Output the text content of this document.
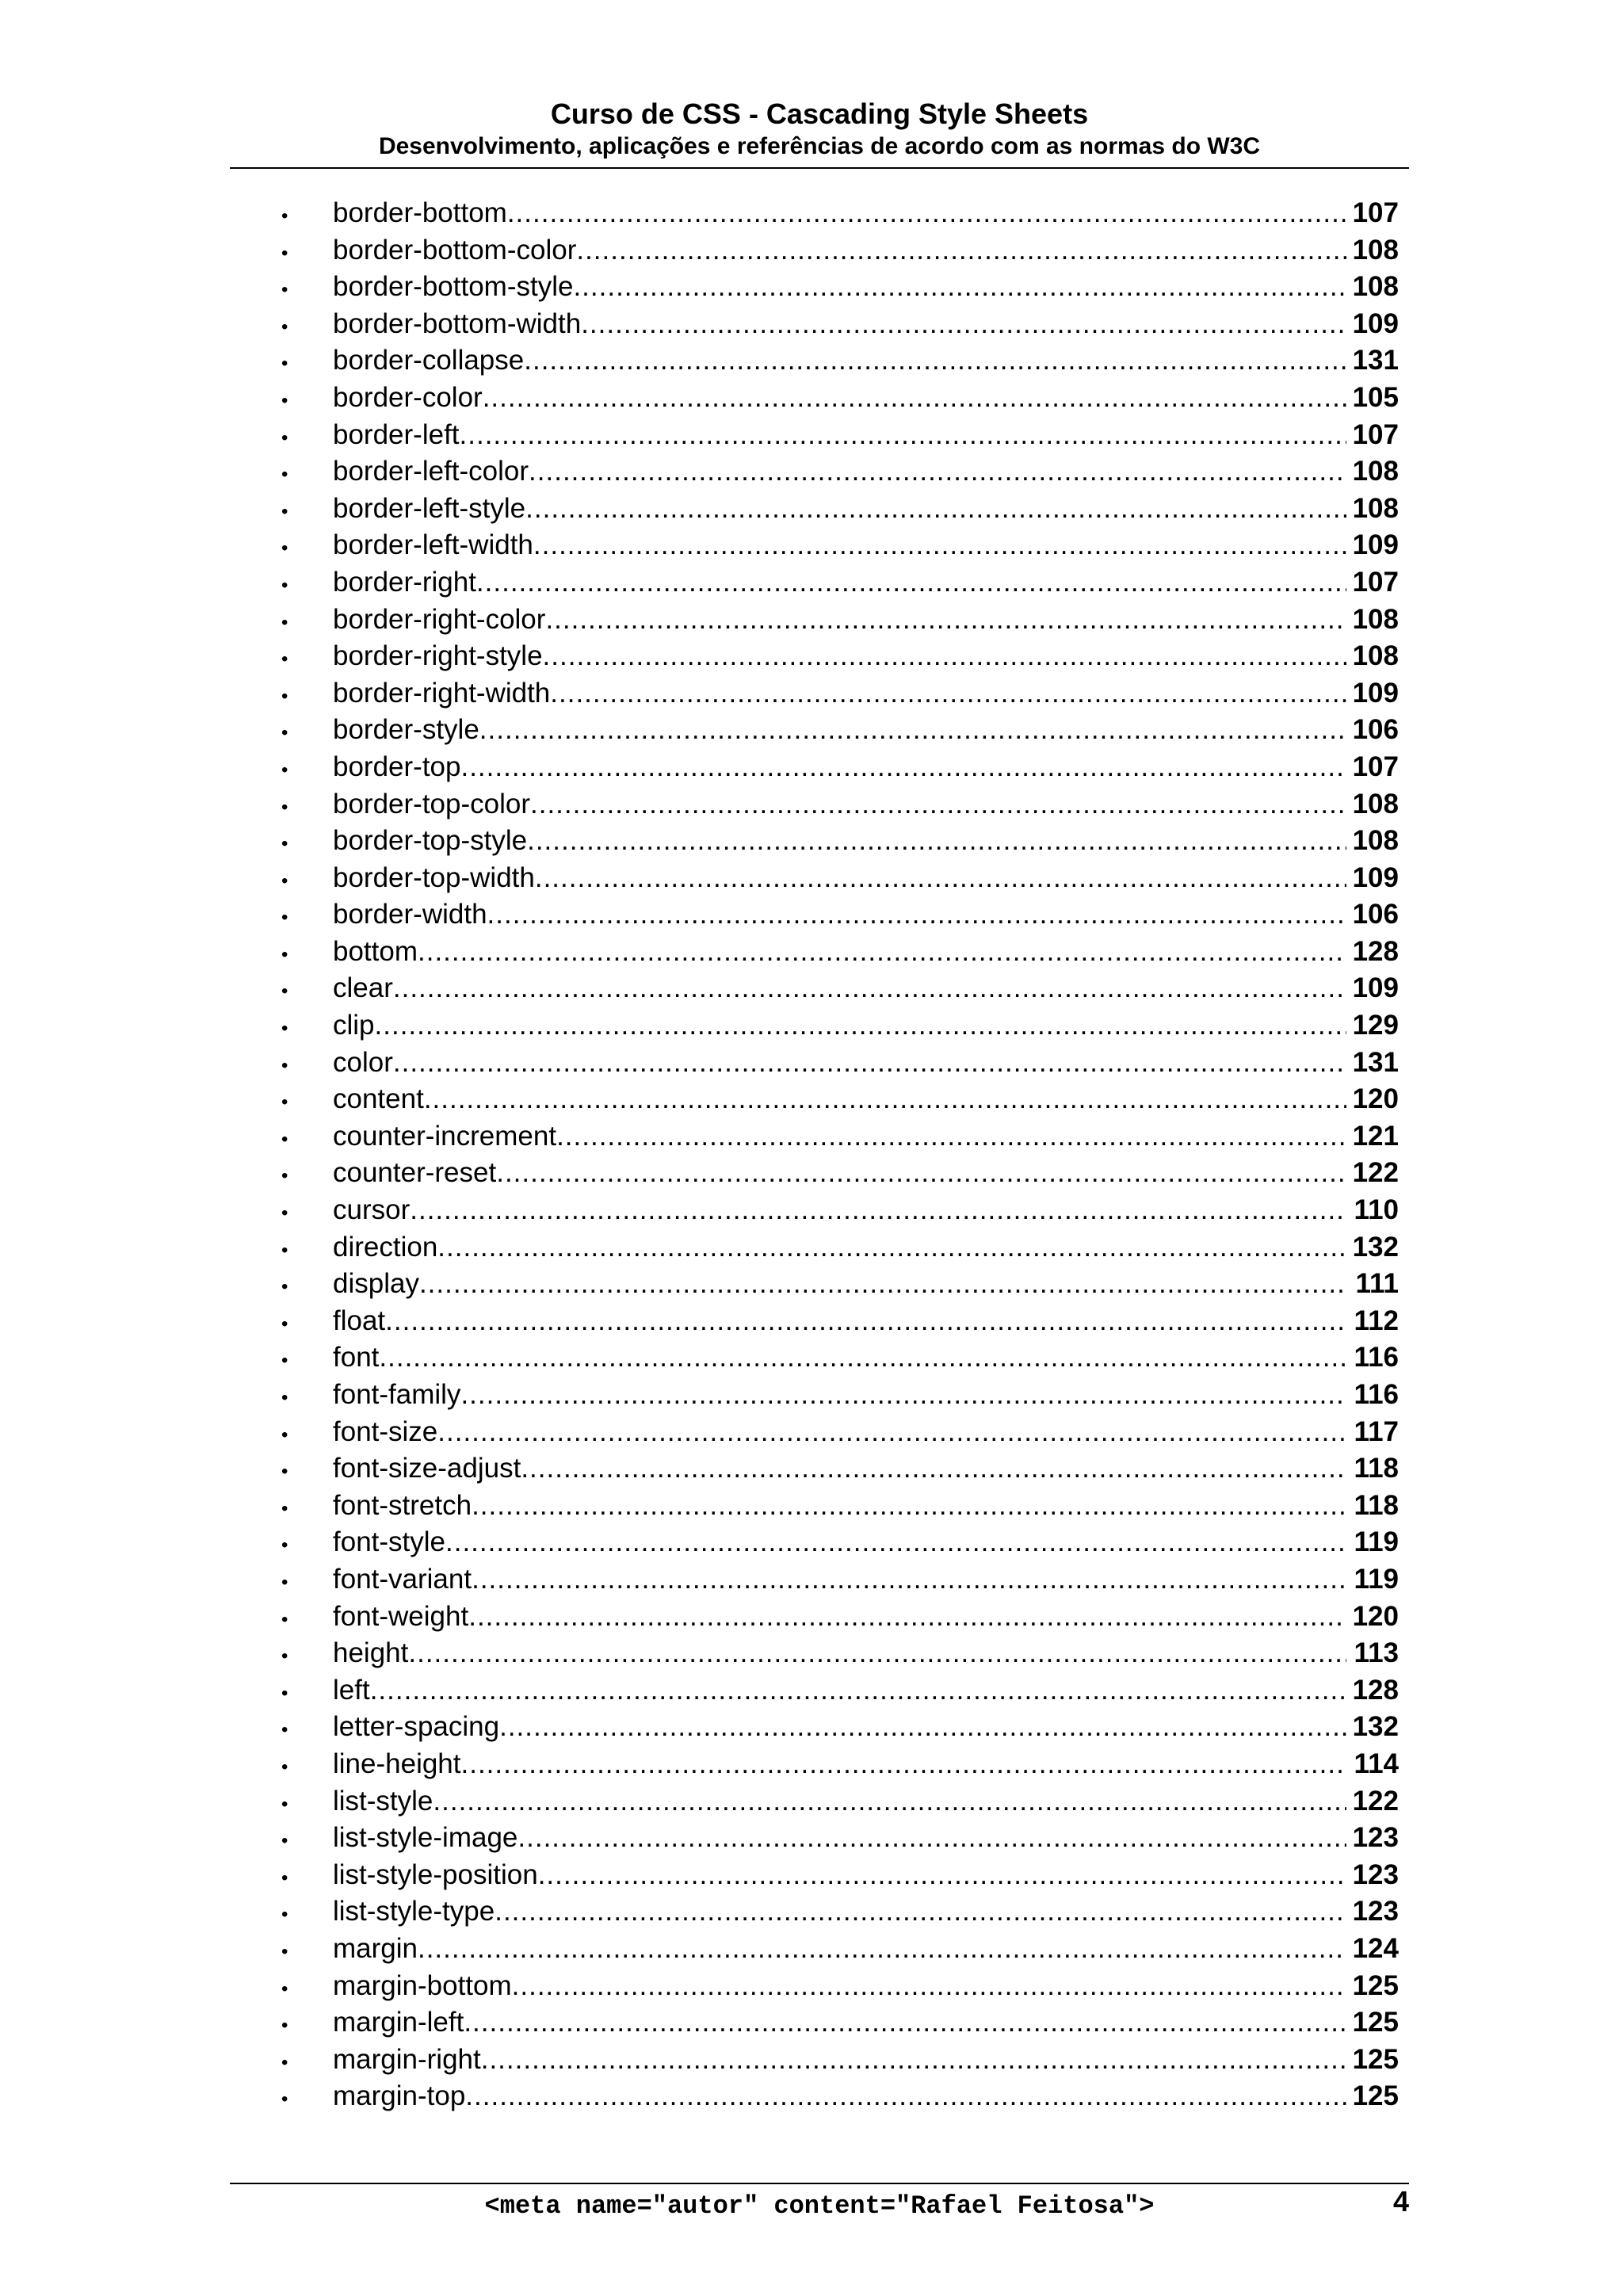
Curso de CSS - Cascading Style Sheets
Desenvolvimento, aplicações e referências de acordo com as normas do W3C
•	border-bottom .....	107
•	border-bottom-color .....	108
•	border-bottom-style .....	108
•	border-bottom-width .....	109
•	border-collapse .....	131
•	border-color .....	105
•	border-left .....	107
•	border-left-color .....	108
•	border-left-style .....	108
•	border-left-width .....	109
•	border-right .....	107
•	border-right-color .....	108
•	border-right-style .....	108
•	border-right-width .....	109
•	border-style .....	106
•	border-top .....	107
•	border-top-color .....	108
•	border-top-style .....	108
•	border-top-width .....	109
•	border-width .....	106
•	bottom .....	128
•	clear .....	109
•	clip .....	129
•	color .....	131
•	content .....	120
•	counter-increment .....	121
•	counter-reset .....	122
•	cursor .....	110
•	direction .....	132
•	display .....	111
•	float .....	112
•	font .....	116
•	font-family .....	116
•	font-size .....	117
•	font-size-adjust .....	118
•	font-stretch .....	118
•	font-style .....	119
•	font-variant .....	119
•	font-weight .....	120
•	height .....	113
•	left .....	128
•	letter-spacing .....	132
•	line-height .....	114
•	list-style .....	122
•	list-style-image .....	123
•	list-style-position .....	123
•	list-style-type .....	123
•	margin .....	124
•	margin-bottom .....	125
•	margin-left .....	125
•	margin-right .....	125
•	margin-top .....	125
<meta name="autor" content="Rafael Feitosa">	4
